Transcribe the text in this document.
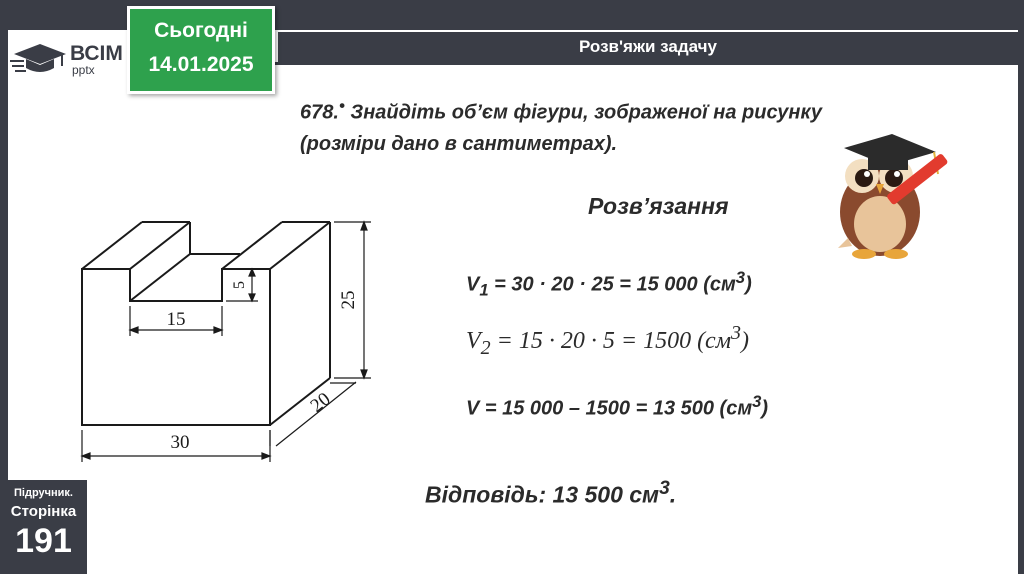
Розв'яжи задачу
ВСІМ
pptx
Сьогодні
14.01.2025
678.• Знайдіть об’єм фігури, зображеної на рисунку
(розміри дано в сантиметрах).
15
5
25
20
30
Розв’язання
$V_1 = 30 \cdot 20 \cdot 25 = 15$ 000 $(см^3)$
$V_2 = 15 \cdot 20 \cdot 5 = 1500$ $(см^3)$
V = 15 000 – 1500 = 13 500 $(см^3)$
Відповідь: 13 500 $см^3$.
Підручник.
Сторінка
191
